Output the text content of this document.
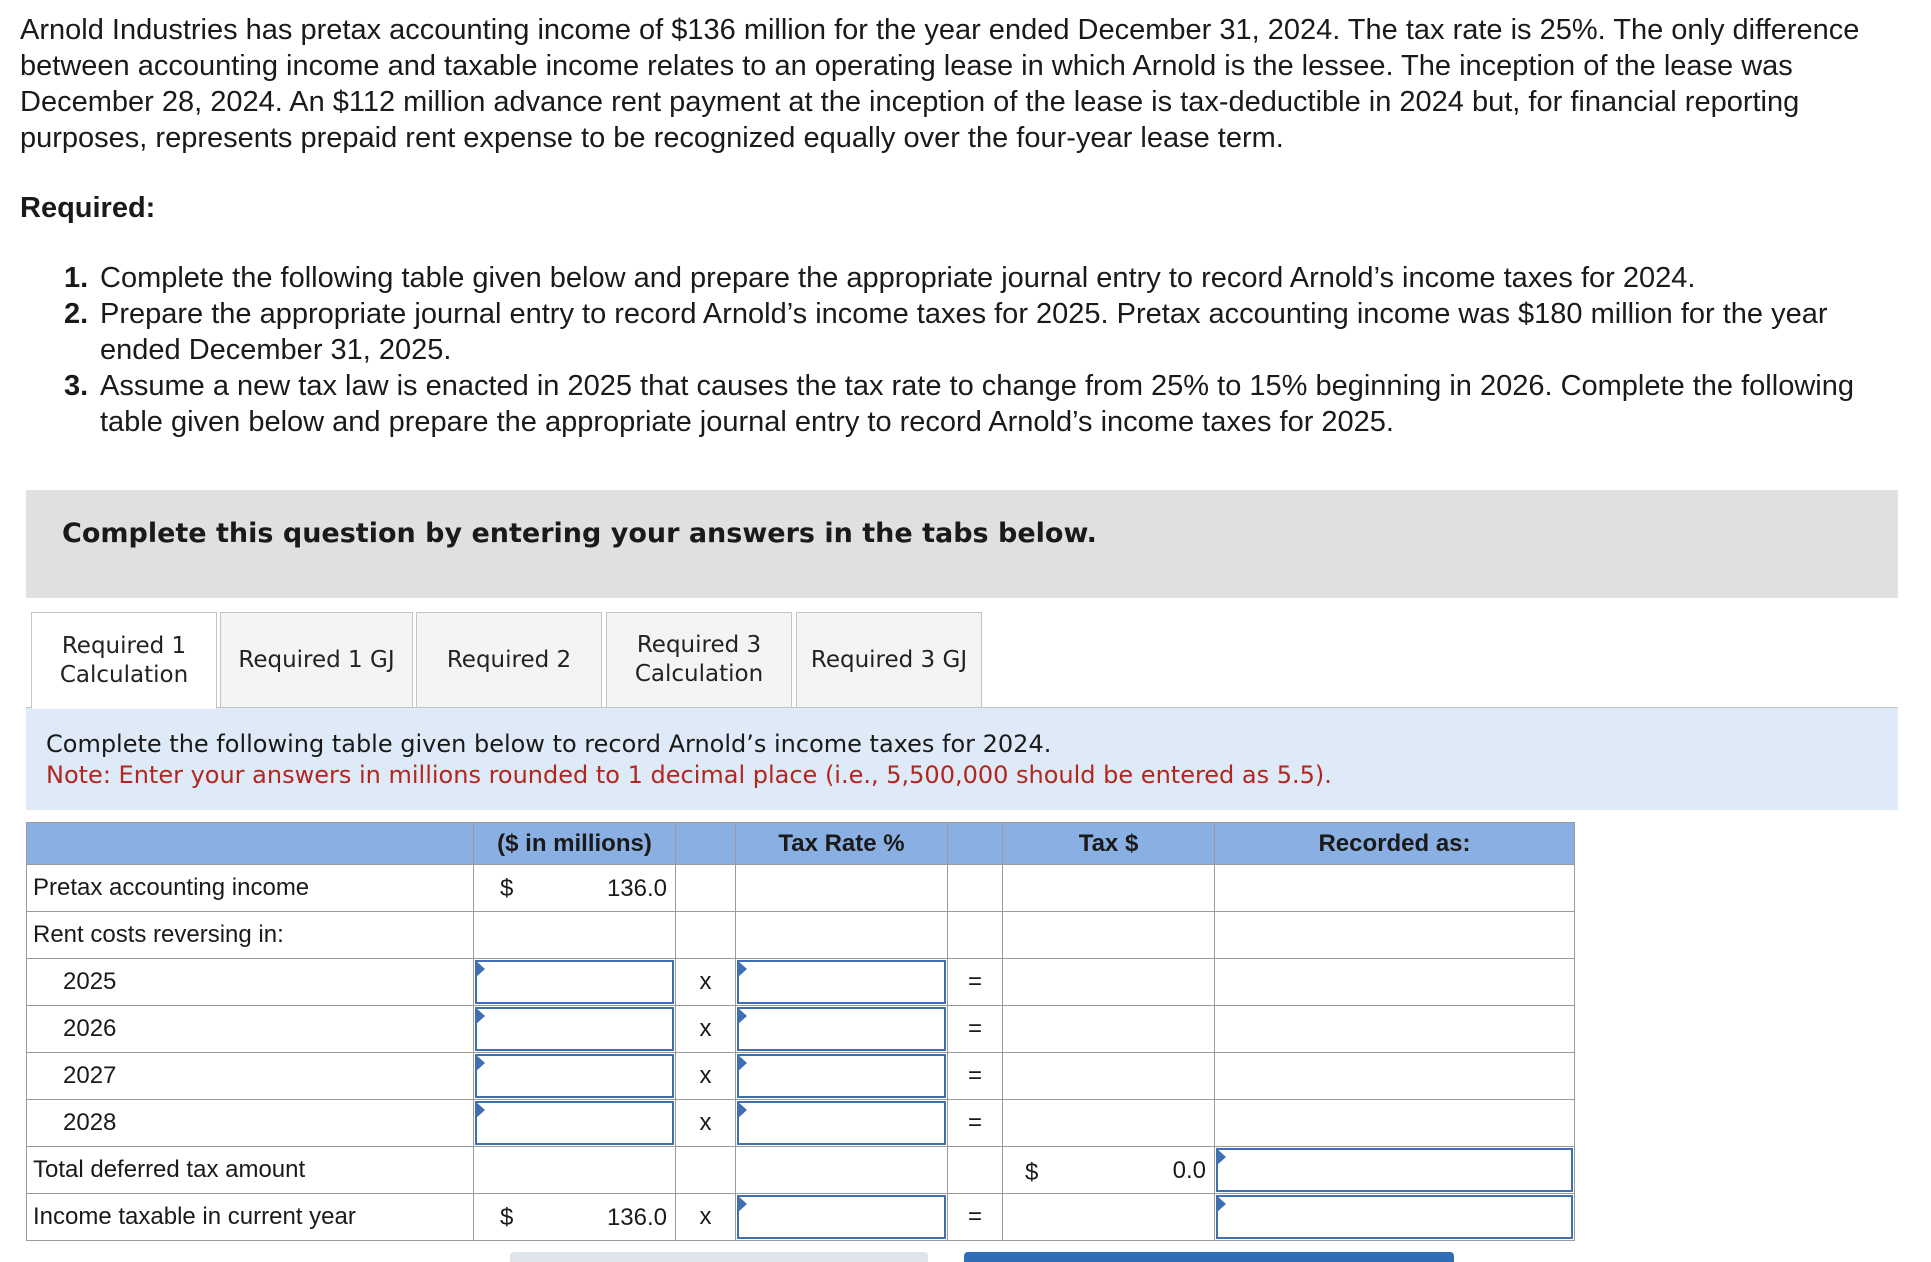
Arnold Industries has pretax accounting income of $136 million for the year ended December 31, 2024. The tax rate is 25%. The only difference between accounting income and taxable income relates to an operating lease in which Arnold is the lessee. The inception of the lease was December 28, 2024. An $112 million advance rent payment at the inception of the lease is tax-deductible in 2024 but, for financial reporting purposes, represents prepaid rent expense to be recognized equally over the four-year lease term.
Required:
1. Complete the following table given below and prepare the appropriate journal entry to record Arnold’s income taxes for 2024.
2. Prepare the appropriate journal entry to record Arnold’s income taxes for 2025. Pretax accounting income was $180 million for the year ended December 31, 2025.
3. Assume a new tax law is enacted in 2025 that causes the tax rate to change from 25% to 15% beginning in 2026. Complete the following table given below and prepare the appropriate journal entry to record Arnold’s income taxes for 2025.
Complete this question by entering your answers in the tabs below.
Required 1
Calculation
Required 1 GJ Required 2
Required 3
Calculation
Required 3 GJ
Complete the following table given below to record Arnold’s income taxes for 2024.
Note: Enter your answers in millions rounded to 1 decimal place (i.e., 5,500,000 should be entered as 5.5).
	($ in millions)		Tax Rate %		Tax $	Recorded as:
Pretax accounting income	$ 136.0					

Rent costs reversing in:						
2025		x		=		
2026		x		=		
2027		x		=		
2028		x		=		
Total deferred tax amount					$ 0.0	

Income taxable in current year	$ 136.0	x		=		
